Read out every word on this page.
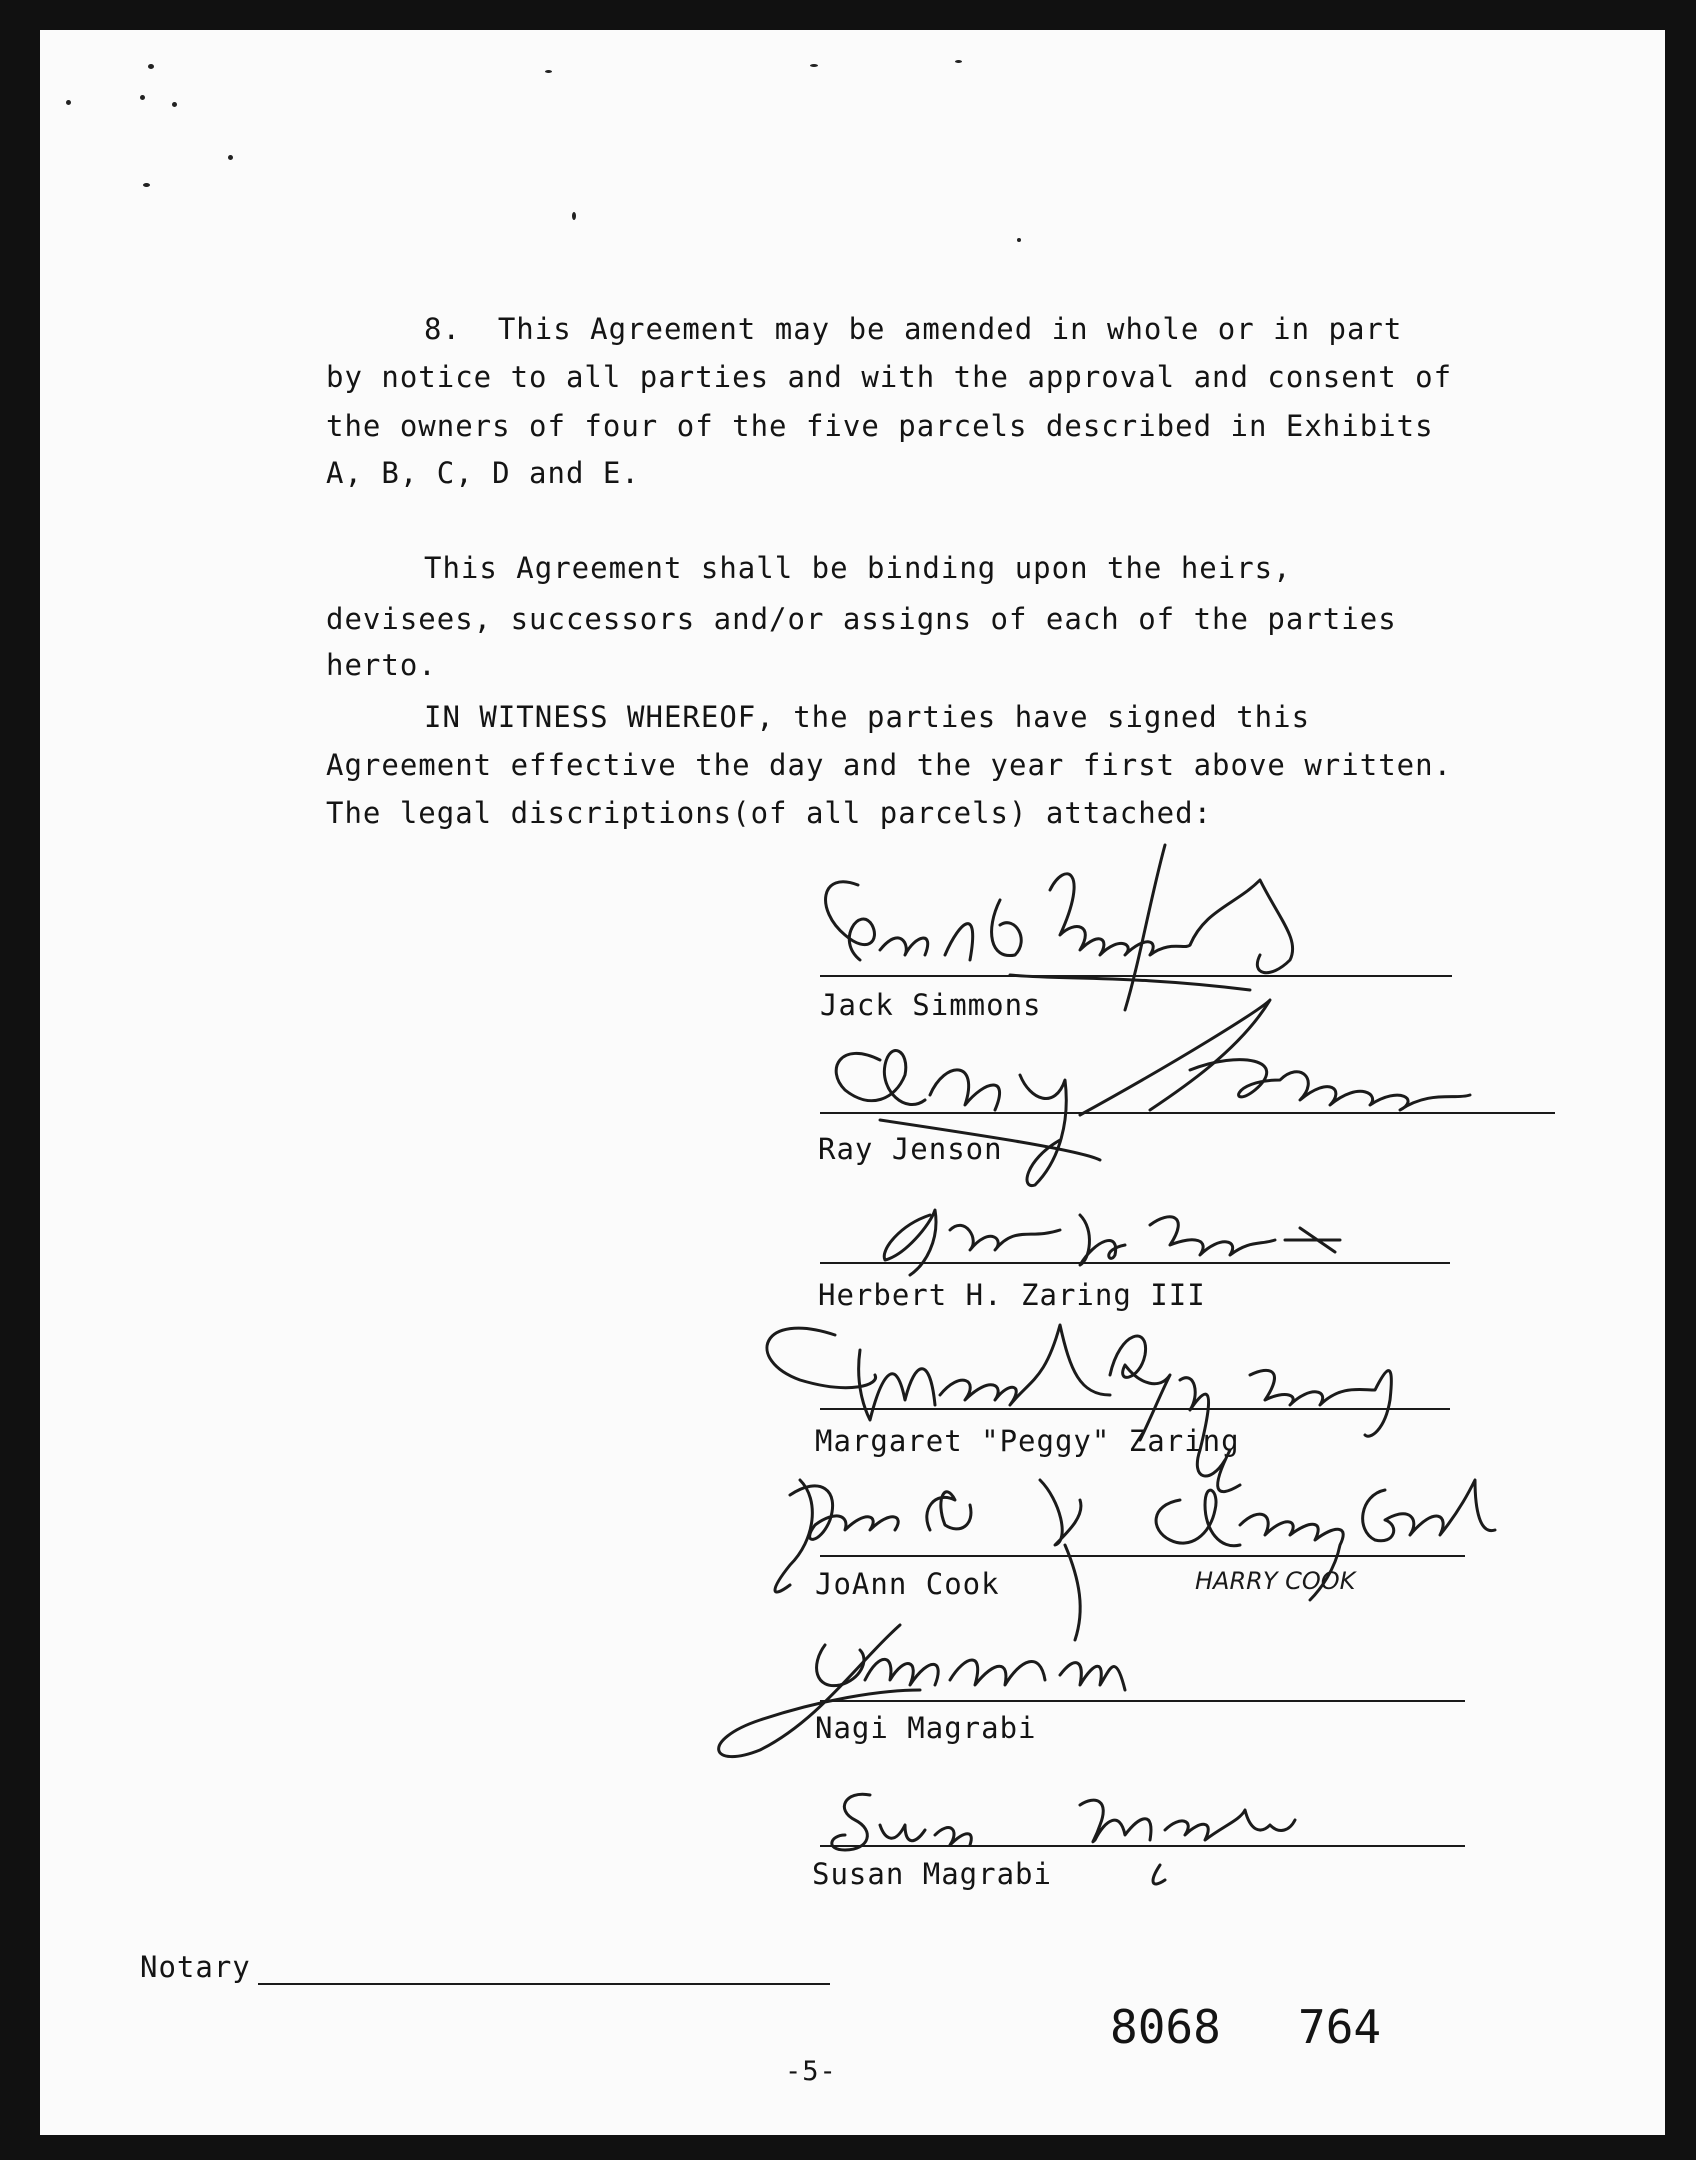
8.  This Agreement may be amended in whole or in part
by notice to all parties and with the approval and consent of
the owners of four of the five parcels described in Exhibits
A, B, C, D and E.
This Agreement shall be binding upon the heirs,
devisees, successors and/or assigns of each of the parties
herto.
IN WITNESS WHEREOF, the parties have signed this
Agreement effective the day and the year first above written.
The legal discriptions(of all parcels) attached:
Jack Simmons
Ray Jenson
Herbert H. Zaring III
Margaret "Peggy" Zaring
JoAnn Cook
Nagi Magrabi
Susan Magrabi
HARRY COOK
Notary
8068 764
-5-
